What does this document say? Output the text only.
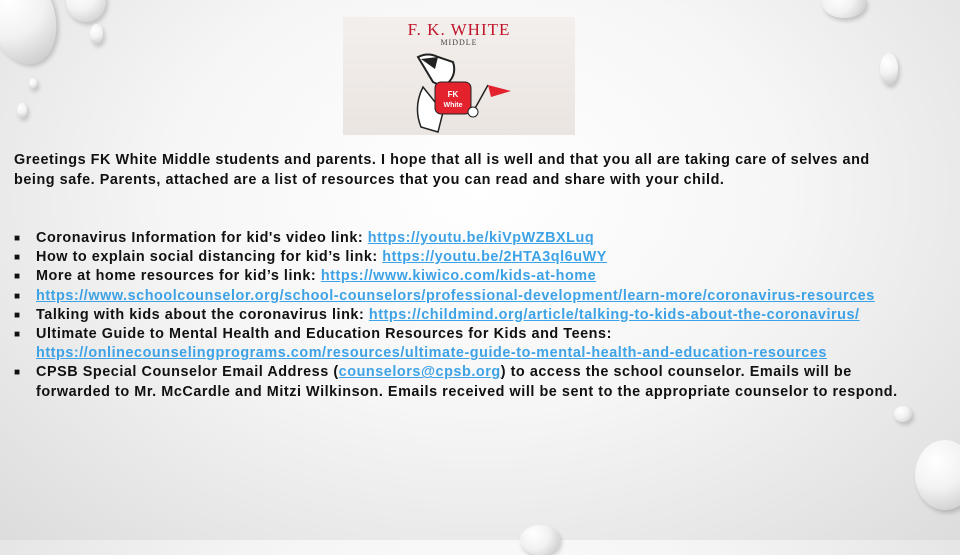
F. K. WHITE
MIDDLE
FK
White
Greetings FK White Middle students and parents. I hope that all is well and that you all are taking care of selves and being safe. Parents, attached are a list of resources that you can read and share with your child.
■ Coronavirus Information for kid's video link: https://youtu.be/kiVpWZBXLuq
■ How to explain social distancing for kid’s link: https://youtu.be/2HTA3ql6uWY
■ More at home resources for kid’s link: https://www.kiwico.com/kids-at-home
■ https://www.schoolcounselor.org/school-counselors/professional-development/learn-more/coronavirus-resources
■ Talking with kids about the coronavirus link: https://childmind.org/article/talking-to-kids-about-the-coronavirus/
■ Ultimate Guide to Mental Health and Education Resources for Kids and Teens: https://onlinecounselingprograms.com/resources/ultimate-guide-to-mental-health-and-education-resources
■ CPSB Special Counselor Email Address (counselors@cpsb.org) to access the school counselor. Emails will be forwarded to Mr. McCardle and Mitzi Wilkinson. Emails received will be sent to the appropriate counselor to respond.
